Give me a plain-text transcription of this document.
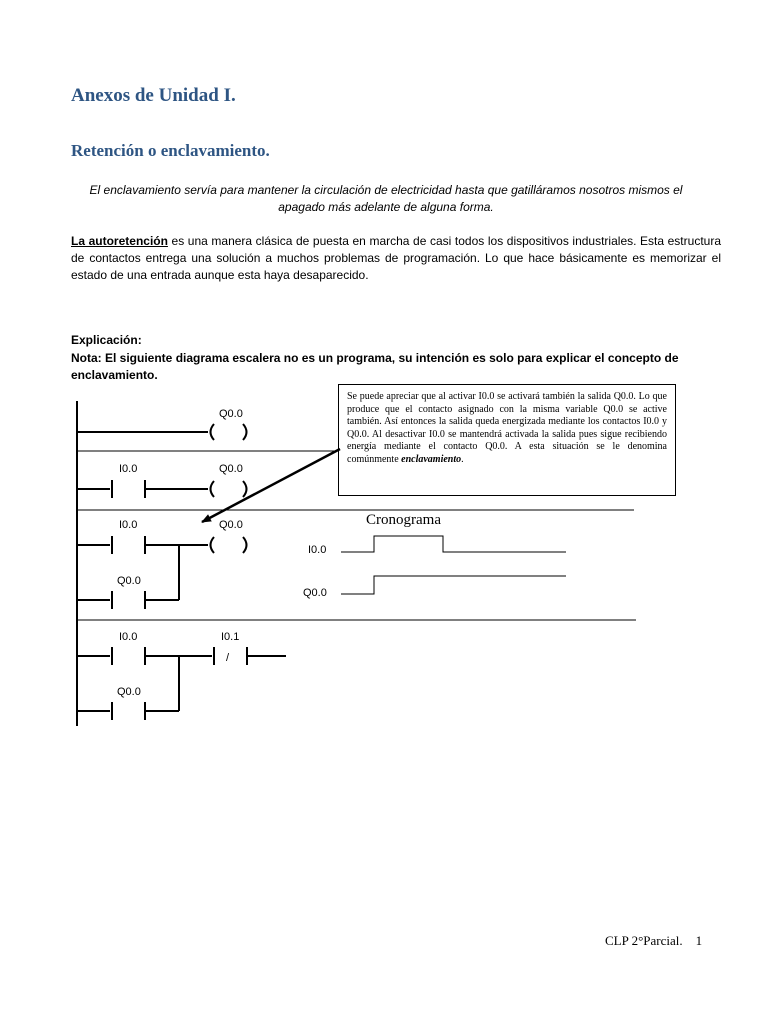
Anexos de Unidad I.
Retención o enclavamiento.
El enclavamiento servía para mantener la circulación de electricidad hasta que gatilláramos nosotros mismos el apagado más adelante de alguna forma.
La autoretención es una manera clásica de puesta en marcha de casi todos los dispositivos industriales. Esta estructura de contactos entrega una solución a muchos problemas de programación. Lo que hace básicamente es memorizar el estado de una entrada aunque esta haya desaparecido.
Explicación:
Nota: El siguiente diagrama escalera no es un programa, su intención es solo para explicar el concepto de enclavamiento.
Se puede apreciar que al activar I0.0 se activará también la salida Q0.0. Lo que produce que el contacto asignado con la misma variable Q0.0 se active también. Así entonces la salida queda energizada mediante los contactos I0.0 y Q0.0. Al desactivar I0.0 se mantendrá activada la salida pues sigue recibiendo energía mediante el contacto Q0.0. A esta situación se le denomina comúnmente enclavamiento.
Q0.0
I0.0	Q0.0
I0.0	Q0.0
Q0.0
/
I0.0	I0.1
Q0.0
Cronograma
I0.0
Q0.0
CLP 2°Parcial.    1
